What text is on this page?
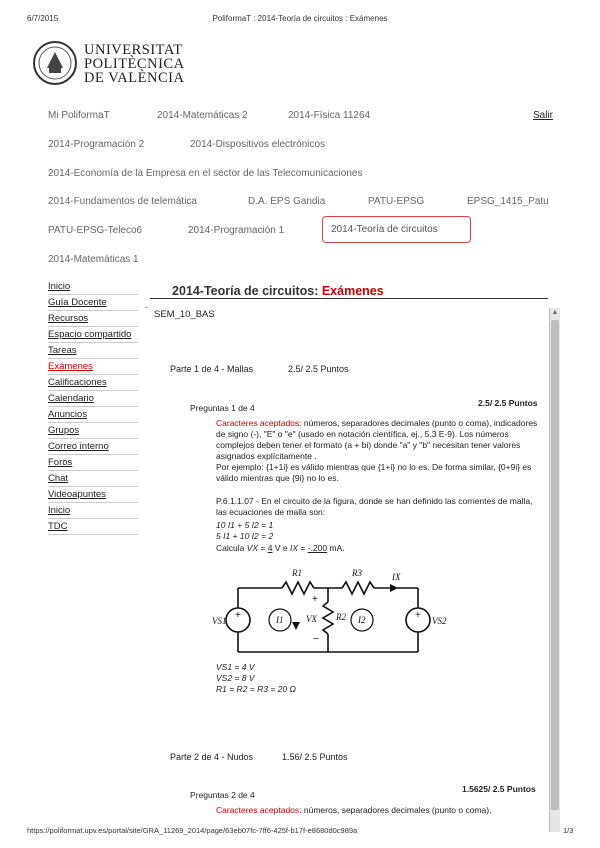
6/7/2015	PoliformaT : 2014-Teoría de circuitos : Exámenes
UNIVERSITAT
POLITÈCNICA
DE VALÈNCIA
Mi PoliformaT	2014-Matemáticas 2	2014-Física 11264	Salir
2014-Programación 2	2014-Dispositivos electrónicos
2014-Economía de la Empresa en el sector de las Telecomunicaciones
2014-Fundamentos de telemática	D.A. EPS Gandia	PATU-EPSG	EPSG_1415_Patu
PATU-EPSG-Teleco6	2014-Programación 1	2014-Teoría de circuitos
2014-Matemáticas 1
Inicio
Guía Docente
Recursos
Espacio compartido
Tareas
Exámenes
Calificaciones
Calendario
Anuncios
Grupos
Correo interno
Foros
Chat
Videoapuntes
Inicio
TDC
‐
2014-Teoría de circuitos: Exámenes
SEM_10_BAS
Parte 1 de 4 - Mallas	2.5/ 2.5 Puntos
Preguntas 1 de 4	2.5/ 2.5 Puntos
Caracteres aceptados: números, separadores decimales (punto o coma), indicadores de signo (-), "E" o "e" (usado en notación científica, ej., 5.3 E-9). Los números complejos deben tener el formato (a + bi) donde "a" y "b" necesitan tener valores asignados explícitamente .
Por ejemplo: {1+1i} es válido mientras que {1+i} no lo es. De forma similar, {0+9i} es válido mientras que {9i} no lo es.
P.6.1.1.07 - En el circuito de la figura, donde se han definido las corrientes de malla, las ecuaciones de malla son:
10 I1 + 5 I2 = 1
5 I1 + 10 I2 = 2
Calcula VX = 4 V e IX = -.200 mA.
R1	R3	IX
VX R2
I1	I2
VS1	VS2
+	+
+
−
VS1 = 4 V
VS2 = 8 V
R1 = R2 = R3 = 20 Ω
Parte 2 de 4 - Nudos	1.56/ 2.5 Puntos
Preguntas 2 de 4
1.5625/ 2.5 Puntos
Caracteres aceptados: números, separadores decimales (punto o coma),
▲
https://poliformat.upv.es/portal/site/GRA_11269_2014/page/63eb07fc-7ff6-425f-b17f-e8680d0c989a	1/3
